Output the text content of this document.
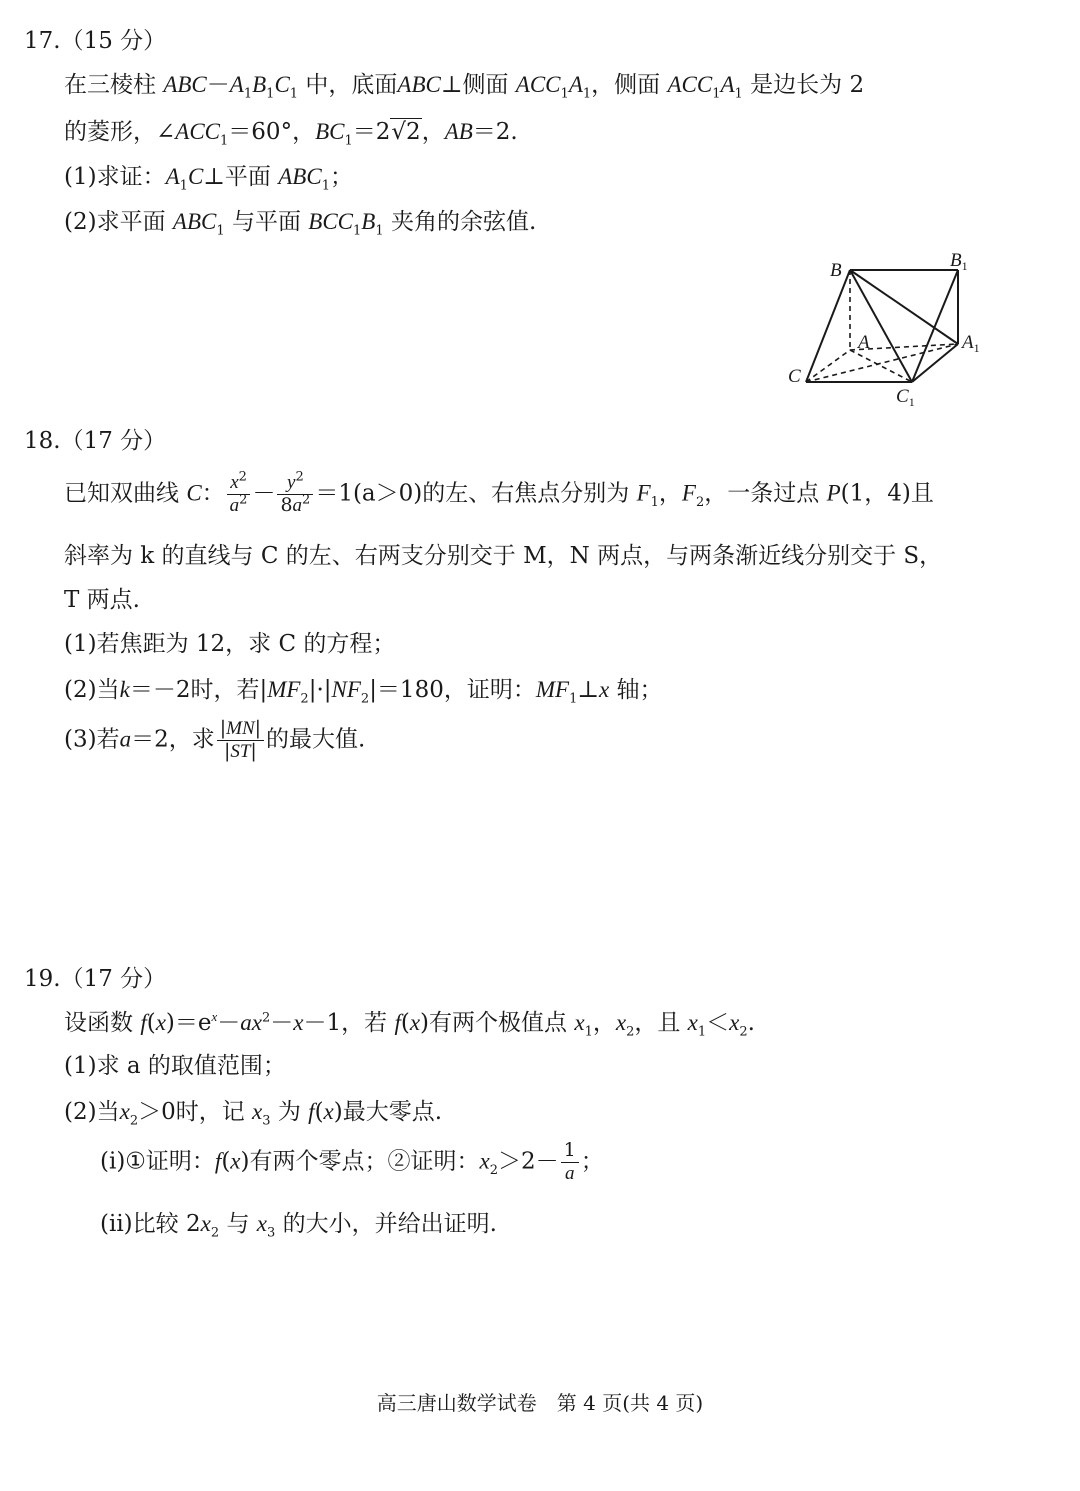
17.（15 分）
在三棱柱 $ABC-A_1B_1C_1$ 中，底面ABC⊥侧面 $ACC_1A_1$，侧面 $ACC_1A_1$ 是边长为 2
的菱形，$\angle ACC_1=60^\circ$，$BC_1=2√2$，AB＝2.
(1)求证：$A_1C\perp$平面 $ABC_1$；
(2)求平面 $ABC_1$ 与平面 $BCC_1B_1$ 夹角的余弦值.
B	$B_1$
A	$A_1$
C
$C_1$
18.（17 分）
已知双曲线 C： $\frac{x^2}{a^2} - \frac{y^2}{8a^2} =1(a>0)$的左、右焦点分别为 $F_1$，$F_2$，一条过点 P(1，4)且
斜率为 k 的直线与 C 的左、右两支分别交于 M，N 两点，与两条渐近线分别交于 S，
T 两点.
(1)若焦距为 12，求 C 的方程；
(2)当k＝－2时，若$|MF_2|\cdot|NF_2|=180$，证明：$MF_1\perp x$ 轴；
(3)若a＝2，求 $\frac{|MN|}{|ST|}$ 的最大值.
19.（17 分）
设函数 $f(x)=e^x-ax^2-x-1$，若 f(x)有两个极值点 $x_1$，$x_2$，且 $x_1<x_2$.
(1)求 a 的取值范围；
(2)当$x_2>0$时，记 $x_3$ 为 f(x)最大零点.
(i)①证明：f(x)有两个零点；②证明：$x_2>2- \frac{1}{a}$ ；
(ii)比较 $2x_2$ 与 $x_3$ 的大小，并给出证明.
高三唐山数学试卷　第 4 页(共 4 页)
